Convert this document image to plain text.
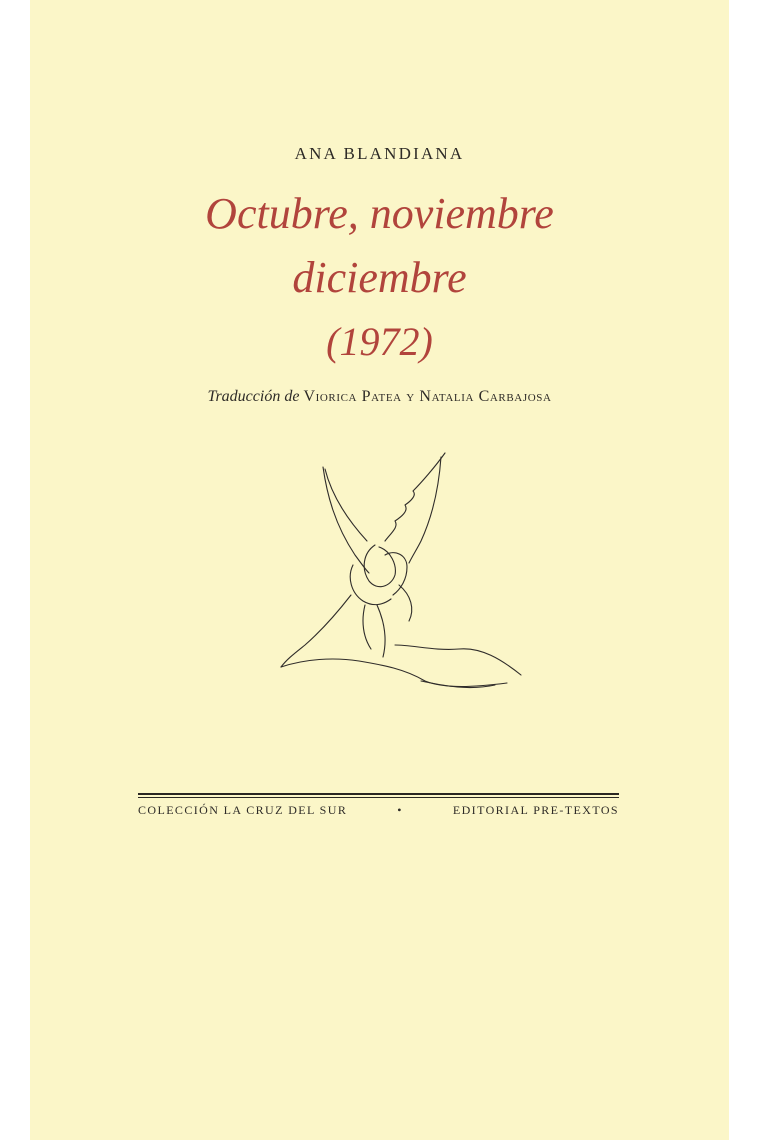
ANA BLANDIANA
Octubre, noviembre
diciembre
(1972)
Traducción de Viorica Patea y Natalia Carbajosa
COLECCIÓN LA CRUZ DEL SUR	•	EDITORIAL PRE-TEXTOS
